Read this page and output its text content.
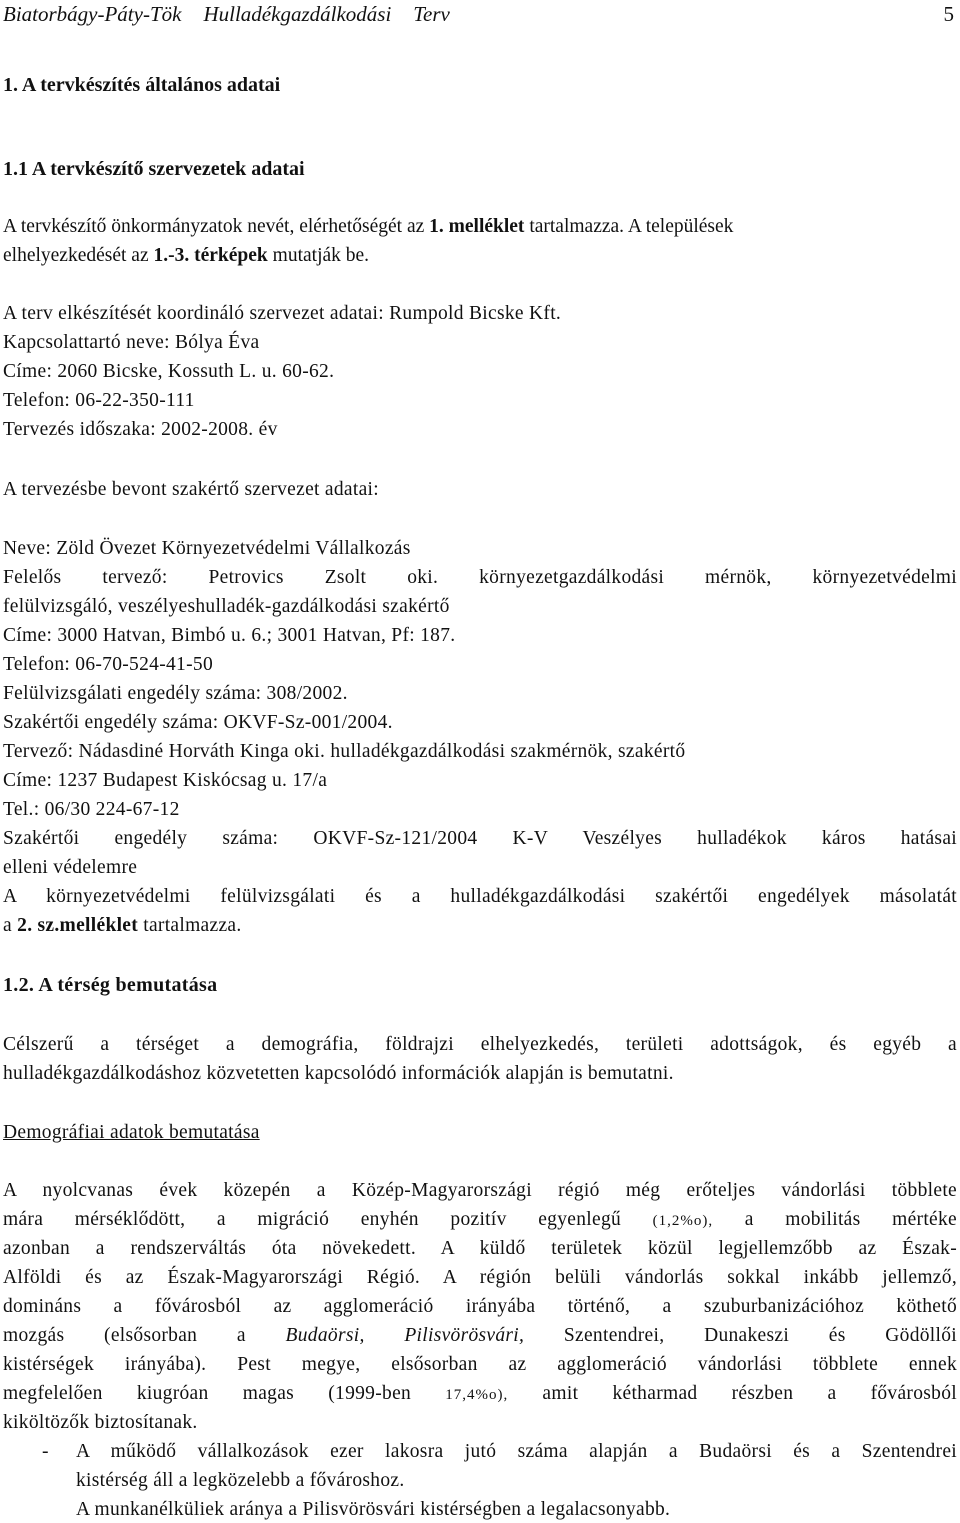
Biatorbágy-Páty-Tök Hulladékgazdálkodási Terv	5
1. A tervkészítés általános adatai
1.1 A tervkészítő szervezetek adatai
A tervkészítő önkormányzatok nevét, elérhetőségét az 1. melléklet tartalmazza. A települések
elhelyezkedését az 1.-3. térképek mutatják be.
A terv elkészítését koordináló szervezet adatai: Rumpold Bicske Kft.
Kapcsolattartó neve: Bólya Éva
Címe: 2060 Bicske, Kossuth L. u. 60-62.
Telefon: 06-22-350-111
Tervezés időszaka: 2002-2008. év
A tervezésbe bevont szakértő szervezet adatai:
Neve: Zöld Övezet Környezetvédelmi Vállalkozás
Felelős tervező: Petrovics Zsolt oki. környezetgazdálkodási mérnök, környezetvédelmi
felülvizsgáló, veszélyeshulladék-gazdálkodási szakértő
Címe: 3000 Hatvan, Bimbó u. 6.; 3001 Hatvan, Pf: 187.
Telefon: 06-70-524-41-50
Felülvizsgálati engedély száma: 308/2002.
Szakértői engedély száma: OKVF-Sz-001/2004.
Tervező: Nádasdiné Horváth Kinga oki. hulladékgazdálkodási szakmérnök, szakértő
Címe: 1237 Budapest Kiskócsag u. 17/a
Tel.: 06/30 224-67-12
Szakértői engedély száma: OKVF-Sz-121/2004 K-V Veszélyes hulladékok káros hatásai
elleni védelemre
A környezetvédelmi felülvizsgálati és a hulladékgazdálkodási szakértői engedélyek másolatát
a 2. sz.melléklet tartalmazza.
1.2. A térség bemutatása
Célszerű a térséget a demográfia, földrajzi elhelyezkedés, területi adottságok, és egyéb a
hulladékgazdálkodáshoz közvetetten kapcsolódó információk alapján is bemutatni.
Demográfiai adatok bemutatása
A nyolcvanas évek közepén a Közép-Magyarországi régió még erőteljes vándorlási többlete
mára mérséklődött, a migráció enyhén pozitív egyenlegű (1,2%o), a mobilitás mértéke
azonban a rendszerváltás óta növekedett. A küldő területek közül legjellemzőbb az Észak-
Alföldi és az Észak-Magyarországi Régió. A régión belüli vándorlás sokkal inkább jellemző,
domináns a fővárosból az agglomeráció irányába történő, a szuburbanizációhoz köthető
mozgás (elsősorban a Budaörsi, Pilisvörösvári, Szentendrei, Dunakeszi és Gödöllői
kistérségek irányába). Pest megye, elsősorban az agglomeráció vándorlási többlete ennek
megfelelően kiugróan magas (1999-ben 17,4%o), amit kétharmad részben a fővárosból
kiköltözők biztosítanak.
- A működő vállalkozások ezer lakosra jutó száma alapján a Budaörsi és a Szentendrei
kistérség áll a legközelebb a fővároshoz.
A munkanélküliek aránya a Pilisvörösvári kistérségben a legalacsonyabb.
